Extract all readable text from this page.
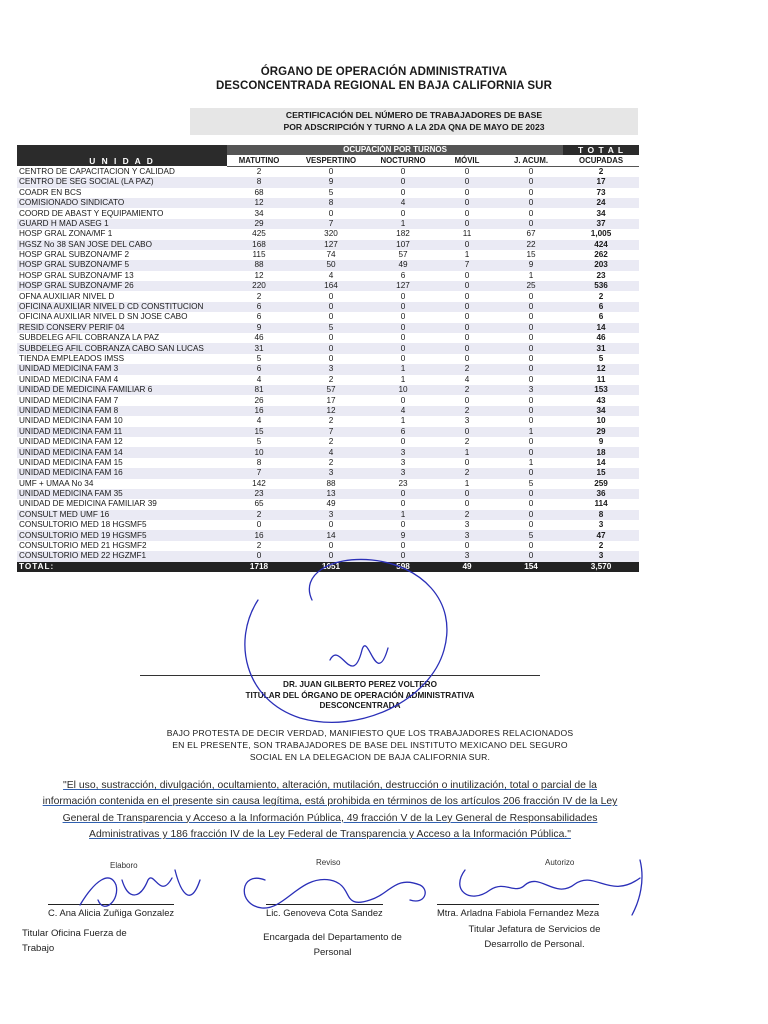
ÓRGANO DE OPERACIÓN ADMINISTRATIVA
DESCONCENTRADA REGIONAL EN BAJA CALIFORNIA SUR
CERTIFICACIÓN DEL NÚMERO DE TRABAJADORES DE BASE
POR ADSCRIPCIÓN Y TURNO A LA 2DA QNA DE MAYO DE 2023
	OCUPACIÓN POR TURNOS					T O T A L
U N I D A D	MATUTINO	VESPERTINO	NOCTURNO	MÓVIL	J. ACUM.	OCUPADAS
CENTRO DE CAPACITACION Y CALIDAD	2	0	0	0	0	2
CENTRO DE SEG SOCIAL (LA PAZ)	8	9	0	0	0	17
COADR EN BCS	68	5	0	0	0	73
COMISIONADO SINDICATO	12	8	4	0	0	24
COORD DE ABAST Y EQUIPAMIENTO	34	0	0	0	0	34
GUARD H MAD ASEG 1	29	7	1	0	0	37
HOSP GRAL ZONA/MF 1	425	320	182	11	67	1,005
HGSZ No 38 SAN JOSE DEL CABO	168	127	107	0	22	424
HOSP GRAL SUBZONA/MF 2	115	74	57	1	15	262
HOSP GRAL SUBZONA/MF 5	88	50	49	7	9	203
HOSP GRAL SUBZONA/MF 13	12	4	6	0	1	23
HOSP GRAL SUBZONA/MF 26	220	164	127	0	25	536
OFNA AUXILIAR NIVEL D	2	0	0	0	0	2
OFICINA AUXILIAR NIVEL D CD CONSTITUCION	6	0	0	0	0	6
OFICINA AUXILIAR NIVEL D SN JOSE CABO	6	0	0	0	0	6
RESID CONSERV PERIF 04	9	5	0	0	0	14
SUBDELEG AFIL COBRANZA LA PAZ	46	0	0	0	0	46
SUBDELEG AFIL COBRANZA CABO SAN LUCAS	31	0	0	0	0	31
TIENDA EMPLEADOS IMSS	5	0	0	0	0	5
UNIDAD MEDICINA FAM 3	6	3	1	2	0	12
UNIDAD MEDICINA FAM 4	4	2	1	4	0	11
UNIDAD DE MEDICINA FAMILIAR 6	81	57	10	2	3	153
UNIDAD MEDICINA FAM 7	26	17	0	0	0	43
UNIDAD MEDICINA FAM 8	16	12	4	2	0	34
UNIDAD MEDICINA FAM 10	4	2	1	3	0	10
UNIDAD MEDICINA FAM 11	15	7	6	0	1	29
UNIDAD MEDICINA FAM 12	5	2	0	2	0	9
UNIDAD MEDICINA FAM 14	10	4	3	1	0	18
UNIDAD MEDICINA FAM 15	8	2	3	0	1	14
UNIDAD MEDICINA FAM 16	7	3	3	2	0	15
UMF + UMAA No 34	142	88	23	1	5	259
UNIDAD MEDICINA FAM 35	23	13	0	0	0	36
UNIDAD DE MEDICINA FAMILIAR 39	65	49	0	0	0	114
CONSULT MED UMF 16	2	3	1	2	0	8
CONSULTORIO MED 18 HGSMF5	0	0	0	3	0	3
CONSULTORIO MED 19 HGSMF5	16	14	9	3	5	47
CONSULTORIO MED 21 HGSMF2	2	0	0	0	0	2
CONSULTORIO MED 22 HGZMF1	0	0	0	3	0	3
TOTAL:	1718	1051	598	49	154	3,570
DR. JUAN GILBERTO PEREZ VOLTERO
TITULAR DEL ÓRGANO DE OPERACIÓN ADMINISTRATIVA
DESCONCENTRADA
BAJO PROTESTA DE DECIR VERDAD, MANIFIESTO QUE LOS TRABAJADORES RELACIONADOS
EN EL PRESENTE, SON TRABAJADORES DE BASE DEL INSTITUTO MEXICANO DEL SEGURO
SOCIAL EN LA DELEGACION DE BAJA CALIFORNIA SUR.
"El uso, sustracción, divulgación, ocultamiento, alteración, mutilación, destrucción o inutilización, total o parcial de la
información contenida en el presente sin causa legítima, está prohibida en términos de los artículos 206 fracción IV de la Ley
General de Transparencia y Acceso a la Información Pública, 49 fracción V de la Ley General de Responsabilidades
Administrativas y 186 fracción IV de la Ley Federal de Transparencia y Acceso a la Información Pública."
Elaboro	Reviso	Autorizo
C. Ana Alicia Zuñiga Gonzalez	Lic. Genoveva Cota Sandez	Mtra. Arladna Fabiola Fernandez Meza
Titular Oficina Fuerza de
Trabajo
Encargada del Departamento de
Personal
Titular Jefatura de Servicios de
Desarrollo de Personal.
